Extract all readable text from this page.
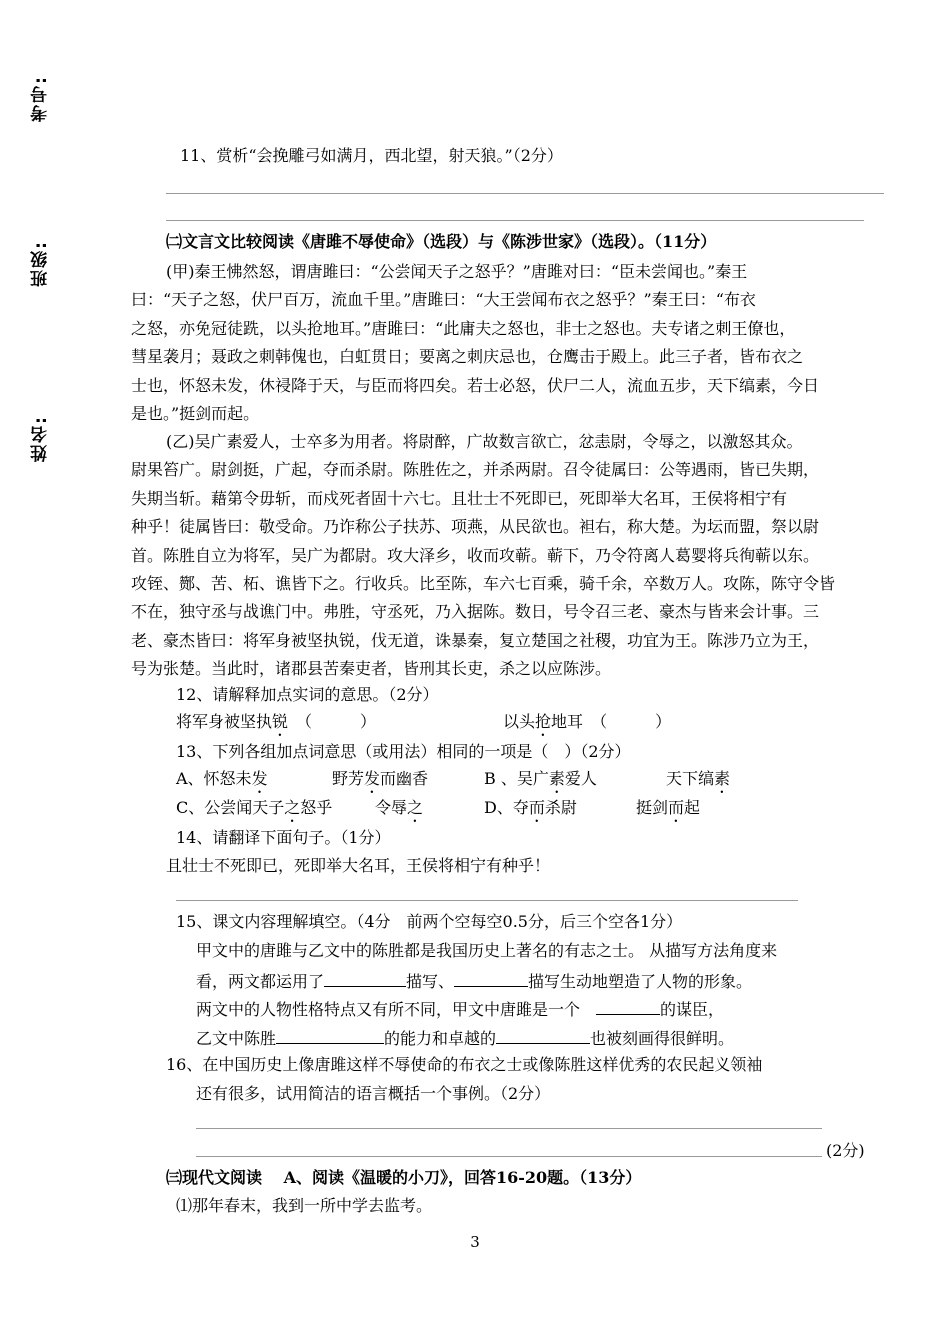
考号:
班级:
姓名:
11、赏析“会挽雕弓如满月，西北望，射天狼。”（2分）
㈡文言文比较阅读《唐雎不辱使命》（选段）与《陈涉世家》（选段）。（11分）
(甲)秦王怫然怒，谓唐雎曰：“公尝闻天子之怒乎？”唐雎对曰：“臣未尝闻也。”秦王
曰：“天子之怒，伏尸百万，流血千里。”唐雎曰：“大王尝闻布衣之怒乎？”秦王曰：“布衣
之怒，亦免冠徒跣，以头抢地耳。”唐雎曰：“此庸夫之怒也，非士之怒也。夫专诸之刺王僚也，
彗星袭月；聂政之刺韩傀也，白虹贯日；要离之刺庆忌也，仓鹰击于殿上。此三子者，皆布衣之
士也，怀怒未发，休祲降于天，与臣而将四矣。若士必怒，伏尸二人，流血五步，天下缟素，今日
是也。”挺剑而起。
(乙)吴广素爱人，士卒多为用者。将尉醉，广故数言欲亡，忿恚尉，令辱之，以激怒其众。
尉果笞广。尉剑挺，广起，夺而杀尉。陈胜佐之，并杀两尉。召令徒属曰：公等遇雨，皆已失期，
失期当斩。藉第令毋斩，而戍死者固十六七。且壮士不死即已，死即举大名耳，王侯将相宁有
种乎！徒属皆曰：敬受命。乃诈称公子扶苏、项燕，从民欲也。袒右，称大楚。为坛而盟，祭以尉
首。陈胜自立为将军，吴广为都尉。攻大泽乡，收而攻蕲。蕲下，乃令符离人葛婴将兵徇蕲以东。
攻铚、酂、苦、柘、谯皆下之。行收兵。比至陈，车六七百乘，骑千余，卒数万人。攻陈，陈守令皆
不在，独守丞与战谯门中。弗胜，守丞死，乃入据陈。数日，号令召三老、豪杰与皆来会计事。三
老、豪杰皆曰：将军身被坚执锐，伐无道，诛暴秦，复立楚国之社稷，功宜为王。陈涉乃立为王，
号为张楚。当此时，诸郡县苦秦吏者，皆刑其长吏，杀之以应陈涉。
12、请解释加点实词的意思。（2分）
将军身被坚执锐　 （　　　）	以头抢地耳　 （　　　）
13、下列各组加点词意思（或用法）相同的一项是（　）（2分）
A、怀怒未发	野芳发而幽香	B 、吴广素爱人	天下缟素
C、公尝闻天子之怒乎	令辱之	D、夺而杀尉	挺剑而起
14、请翻译下面句子。（1分）
且壮士不死即已，死即举大名耳，王侯将相宁有种乎！
15、课文内容理解填空。（4分　前两个空每空0.5分，后三个空各1分）
甲文中的唐雎与乙文中的陈胜都是我国历史上著名的有志之士。 从描写方法角度来
看，两文都运用了	描写、	描写生动地塑造了人物的形象。
两文中的人物性格特点又有所不同，甲文中唐雎是一个　	的谋臣，
乙文中陈胜	的能力和卓越的	也被刻画得很鲜明。
16、在中国历史上像唐雎这样不辱使命的布衣之士或像陈胜这样优秀的农民起义领袖
还有很多，试用简洁的语言概括一个事例。（2分）
(2分)
㈢现代文阅读　 A、阅读《温暖的小刀》，回答16-20题。（13分）
⑴那年春末，我到一所中学去监考。
3
